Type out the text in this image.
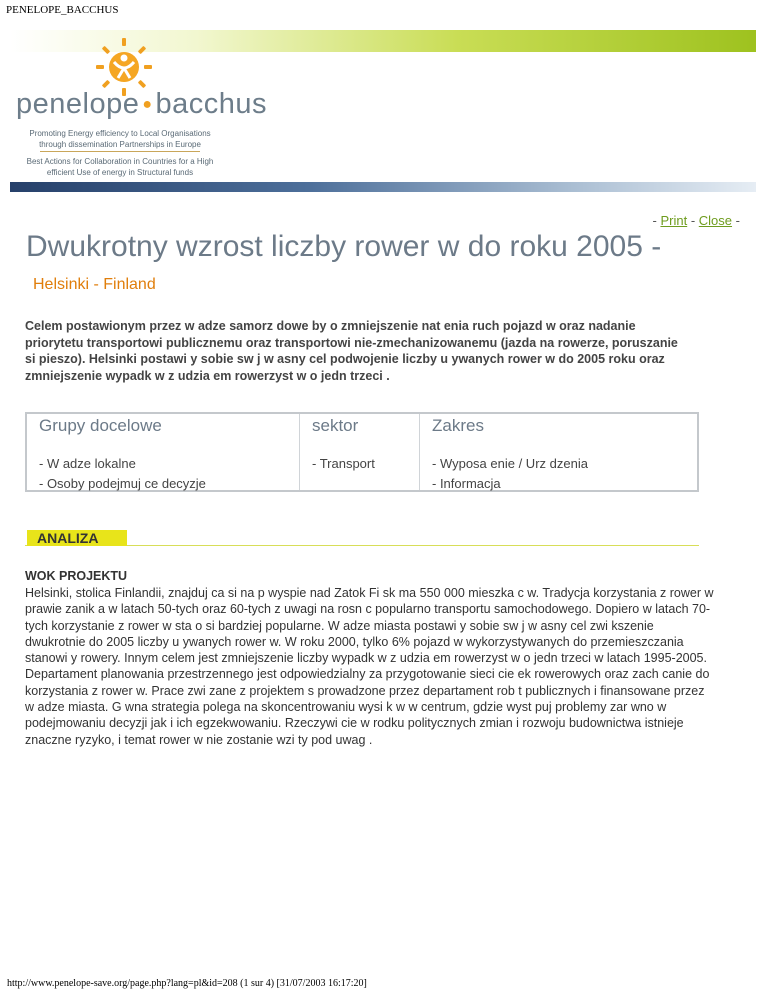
PENELOPE_BACCHUS
penelope ● bacchus
Promoting Energy efficiency to Local Organisations through dissemination Partnerships in Europe
Best Actions for Collaboration in Countries for a High efficient Use of energy in Structural funds
- Print - Close -
Dwukrotny wzrost liczby rower w do roku 2005 -
Helsinki - Finland
Celem postawionym przez w adze samorz dowe by o zmniejszenie nat enia ruch pojazd w oraz nadanie priorytetu transportowi publicznemu oraz transportowi nie-zmechanizowanemu (jazda na rowerze, poruszanie si pieszo). Helsinki postawi y sobie sw j w asny cel podwojenie liczby u ywanych rower w do 2005 roku oraz zmniejszenie wypadk w z udzia em rowerzyst w o jedn trzeci .
Grupy docelowe
- W adze lokalne
- Osoby podejmuj ce decyzje
sektor
- Transport
Zakres
- Wyposa enie / Urz dzenia
- Informacja
ANALIZA
WOK PROJEKTU
Helsinki, stolica Finlandii, znajduj ca si na p wyspie nad Zatok Fi sk ma 550 000 mieszka c w. Tradycja korzystania z rower w prawie zanik a w latach 50-tych oraz 60-tych z uwagi na rosn c popularno transportu samochodowego. Dopiero w latach 70-tych korzystanie z rower w sta o si bardziej popularne. W adze miasta postawi y sobie sw j w asny cel zwi kszenie dwukrotnie do 2005 liczby u ywanych rower w. W roku 2000, tylko 6% pojazd w wykorzystywanych do przemieszczania stanowi y rowery. Innym celem jest zmniejszenie liczby wypadk w z udzia em rowerzyst w o jedn trzeci w latach 1995-2005. Departament planowania przestrzennego jest odpowiedzialny za przygotowanie sieci cie ek rowerowych oraz zach canie do korzystania z rower w. Prace zwi zane z projektem s prowadzone przez departament rob t publicznych i finansowane przez w adze miasta. G wna strategia polega na skoncentrowaniu wysi k w w centrum, gdzie wyst puj problemy zar wno w podejmowaniu decyzji jak i ich egzekwowaniu. Rzeczywi cie w rodku politycznych zmian i rozwoju budownictwa istnieje znaczne ryzyko, i temat rower w nie zostanie wzi ty pod uwag .
http://www.penelope-save.org/page.php?lang=pl&id=208 (1 sur 4) [31/07/2003 16:17:20]
